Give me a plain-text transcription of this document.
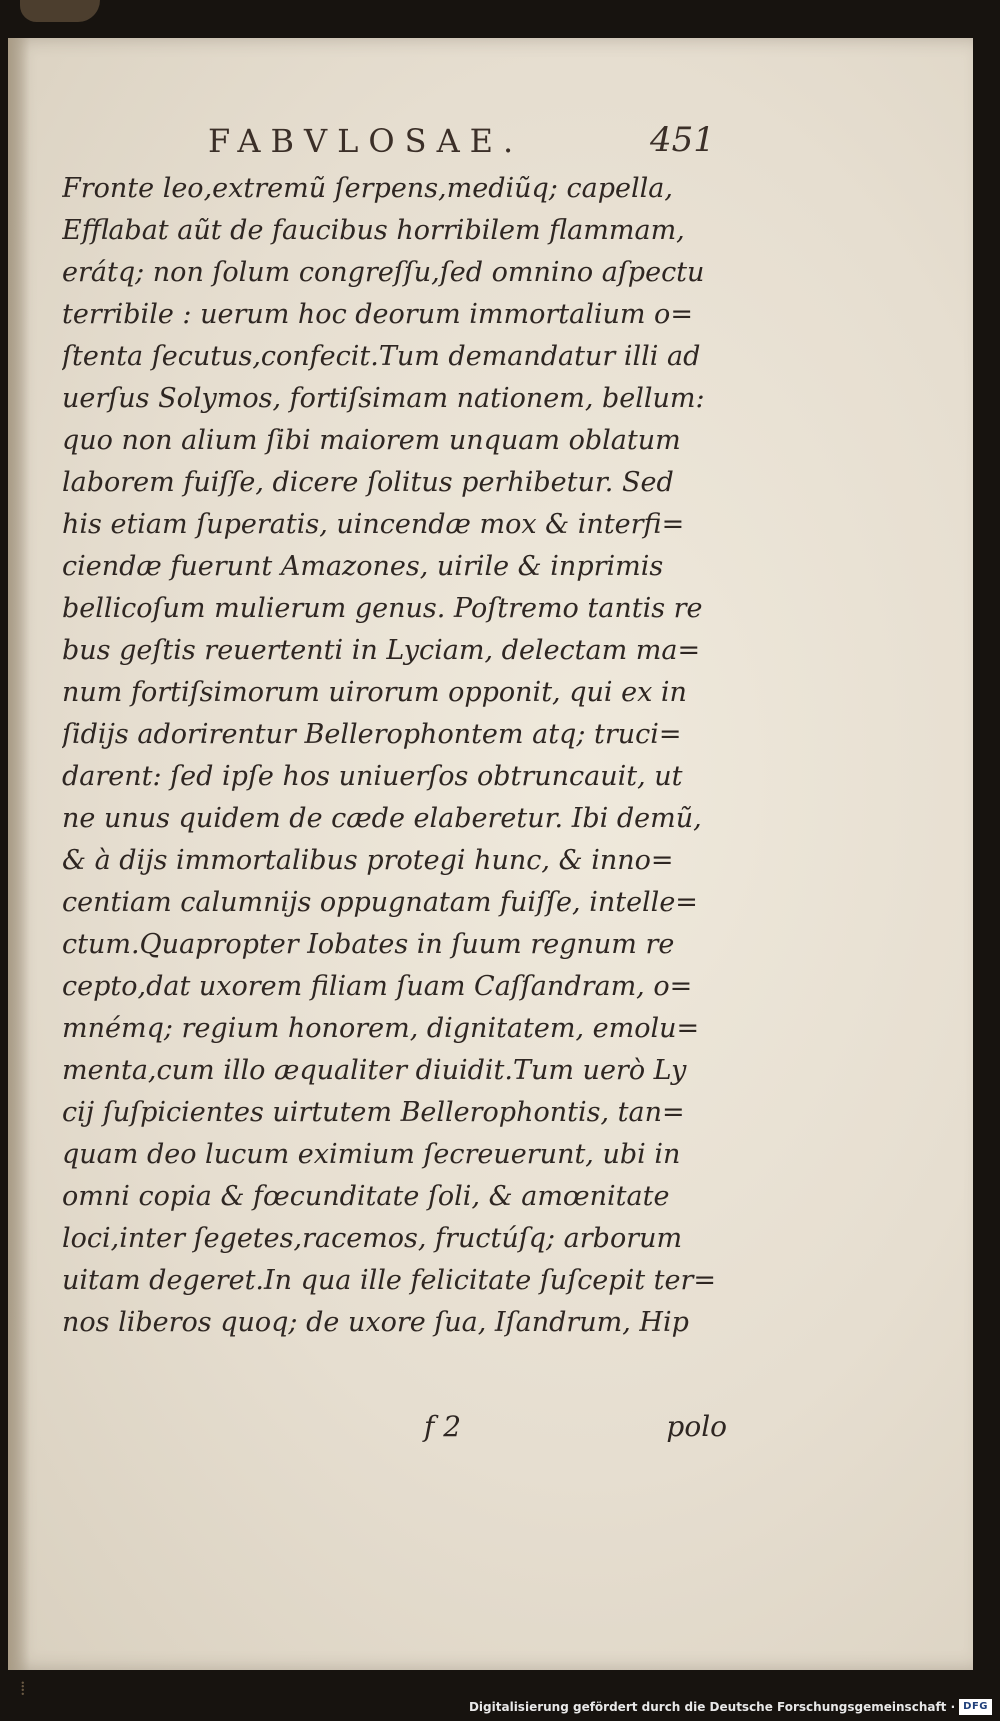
FABVLOSAE.	451
Fronte leo,extremũ ſerpens,mediũq; capella,
Efflabat aũt de faucibus horribilem flammam,
erátq; non ſolum congreſſu,ſed omnino aſpectu
terribile : uerum hoc deorum immortalium o=
ſtenta ſecutus,confecit.Tum demandatur illi ad
uerſus Solymos, fortiſsimam nationem, bellum:
quo non alium ſibi maiorem unquam oblatum
laborem fuiſſe, dicere ſolitus perhibetur. Sed
his etiam ſuperatis, uincendæ mox & interfi=
ciendæ fuerunt Amazones, uirile & inprimis
bellicoſum mulierum genus. Poſtremo tantis re
bus geſtis reuertenti in Lyciam, delectam ma=
num fortiſsimorum uirorum opponit, qui ex in
ſidijs adorirentur Bellerophontem atq; truci=
darent: ſed ipſe hos uniuerſos obtruncauit, ut
ne unus quidem de cæde elaberetur. Ibi demũ,
& à dijs immortalibus protegi hunc, & inno=
centiam calumnijs oppugnatam fuiſſe, intelle=
ctum.Quapropter Iobates in ſuum regnum re
cepto,dat uxorem filiam ſuam Caſſandram, o=
mnémq; regium honorem, dignitatem, emolu=
menta,cum illo æqualiter diuidit.Tum uerò Ly
cij ſuſpicientes uirtutem Bellerophontis, tan=
quam deo lucum eximium ſecreuerunt, ubi in
omni copia & fœcunditate ſoli, & amœnitate
loci,inter ſegetes,racemos, fructúſq; arborum
uitam degeret.In qua ille felicitate ſuſcepit ter=
nos liberos quoq; de uxore ſua, Iſandrum, Hip
f 2	polo
⁞
Digitalisierung gefördert durch die Deutsche Forschungsgemeinschaft · DFG
